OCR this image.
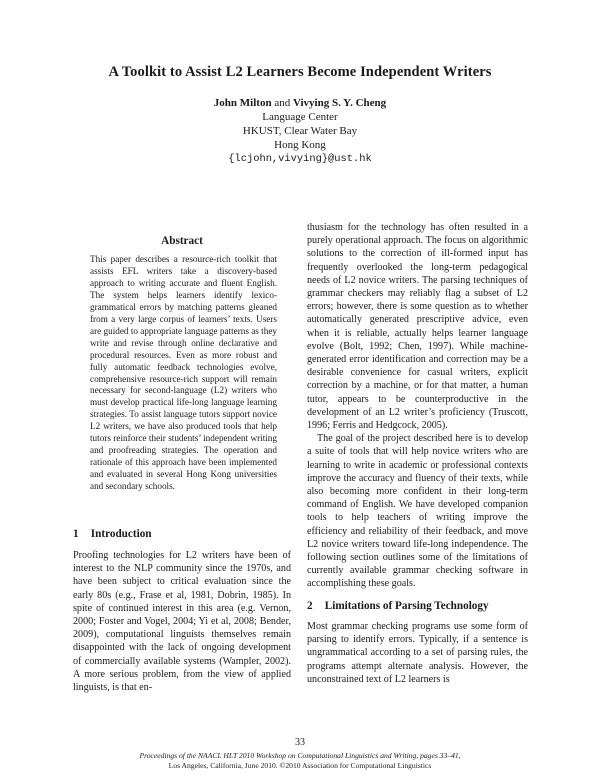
A Toolkit to Assist L2 Learners Become Independent Writers
John Milton and Vivying S. Y. Cheng
Language Center
HKUST, Clear Water Bay
Hong Kong
{lcjohn,vivying}@ust.hk
Abstract

This paper describes a resource-rich toolkit that assists EFL writers take a discovery-based approach to writing accurate and fluent English. The system helps learners identify lexico-grammatical errors by matching patterns gleaned from a very large corpus of learners’ texts. Users are guided to appropriate language patterns as they write and revise through online declarative and procedural resources. Even as more robust and fully automatic feedback technologies evolve, comprehensive resource-rich support will remain necessary for second-language (L2) writers who must develop practical life-long language learning strategies. To assist language tutors support novice L2 writers, we have also produced tools that help tutors reinforce their students’ independent writing and proofreading strategies. The operation and rationale of this approach have been implemented and evaluated in several Hong Kong universities and secondary schools.

1 Introduction

Proofing technologies for L2 writers have been of interest to the NLP community since the 1970s, and have been subject to critical evaluation since the early 80s (e.g., Frase et al, 1981, Dobrin, 1985). In spite of continued interest in this area (e.g. Vernon, 2000; Foster and Vogel, 2004; Yi et al, 2008; Bender, 2009), computational linguists themselves remain disappointed with the lack of ongoing development of commercially available systems (Wampler, 2002). A more serious problem, from the view of applied linguists, is that en-

thusiasm for the technology has often resulted in a purely operational approach. The focus on algorithmic solutions to the correction of ill-formed input has frequently overlooked the long-term pedagogical needs of L2 novice writers. The parsing techniques of grammar checkers may reliably flag a subset of L2 errors; however, there is some question as to whether automatically generated prescriptive advice, even when it is reliable, actually helps learner language evolve (Bolt, 1992; Chen, 1997). While machine-generated error identification and correction may be a desirable convenience for casual writers, explicit correction by a machine, or for that matter, a human tutor, appears to be counterproductive in the development of an L2 writer’s proficiency (Truscott, 1996; Ferris and Hedgcock, 2005).

The goal of the project described here is to develop a suite of tools that will help novice writers who are learning to write in academic or professional contexts improve the accuracy and fluency of their texts, while also becoming more confident in their long-term command of English. We have developed companion tools to help teachers of writing improve the efficiency and reliability of their feedback, and move L2 novice writers toward life-long independence. The following section outlines some of the limitations of currently available grammar checking software in accomplishing these goals.

2 Limitations of Parsing Technology

Most grammar checking programs use some form of parsing to identify errors. Typically, if a sentence is ungrammatical according to a set of parsing rules, the programs attempt alternate analysis. However, the unconstrained text of L2 learners is

33
Proceedings of the NAACL HLT 2010 Workshop on Computational Linguistics and Writing, pages 33–41,
Los Angeles, California, June 2010. ©2010 Association for Computational Linguistics
